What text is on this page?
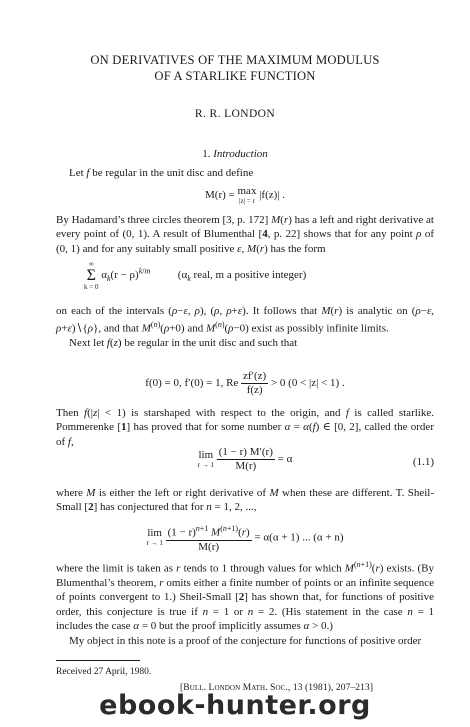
ON DERIVATIVES OF THE MAXIMUM MODULUS
OF A STARLIKE FUNCTION
R. R. LONDON
1. Introduction

Let f be regular in the unit disc and define

M(r) = max
|z| = r |f(z)| .

By Hadamard’s three circles theorem [3, p. 172] M(r) has a left and right derivative at every point of (0, 1). A result of Blumenthal [4, p. 22] shows that for any point ρ of (0, 1) and for any suitably small positive ε, M(r) has the form

∞
Σ
k = 0
$\alpha_k(r - \rho)^{k/m}$	($\alpha_k$ real, m a positive integer)

on each of the intervals (ρ−ε, ρ), (ρ, ρ+ε). It follows that M(r) is analytic on (ρ−ε, ρ+ε)∖{ρ}, and that $M^{(n)}(\rho+0)$ and $M^{(n)}(\rho-0)$ exist as possibly infinite limits.

Next let f(z) be regular in the unit disc and such that

f(0) = 0, f′(0) = 1, Re $\frac{zf'(z)}{f(z)} > 0$ (0 < |z| < 1) .

Then f(|z| < 1) is starshaped with respect to the origin, and f is called starlike. Pommerenke [1] has proved that for some number α = α(f) ∈ [0, 2], called the order of f,

lim
r → 1
$\frac{(1 - r) M'(r)}{M(r)} = \alpha$	(1.1)

where M is either the left or right derivative of M when these are different. T. Sheil-Small [2] has conjectured that for n = 1, 2, ...,

lim
r → 1
$\frac{(1 - r)^{n+1} M^{(n+1)}(r)}{M(r)} = \alpha(\alpha + 1)$ ... (α + n)

where the limit is taken as r tends to 1 through values for which $M^{(n+1)}(r)$ exists. (By Blumenthal’s theorem, r omits either a finite number of points or an infinite sequence of points convergent to 1.) Sheil-Small [2] has shown that, for functions of positive order, this conjecture is true if n = 1 or n = 2. (His statement in the case n = 1 includes the case α = 0 but the proof implicitly assumes α > 0.)

My object in this note is a proof of the conjecture for functions of positive order

Received 27 April, 1980.
[Bull. London Math. Soc., 13 (1981), 207–213]
ebook-hunter.org
